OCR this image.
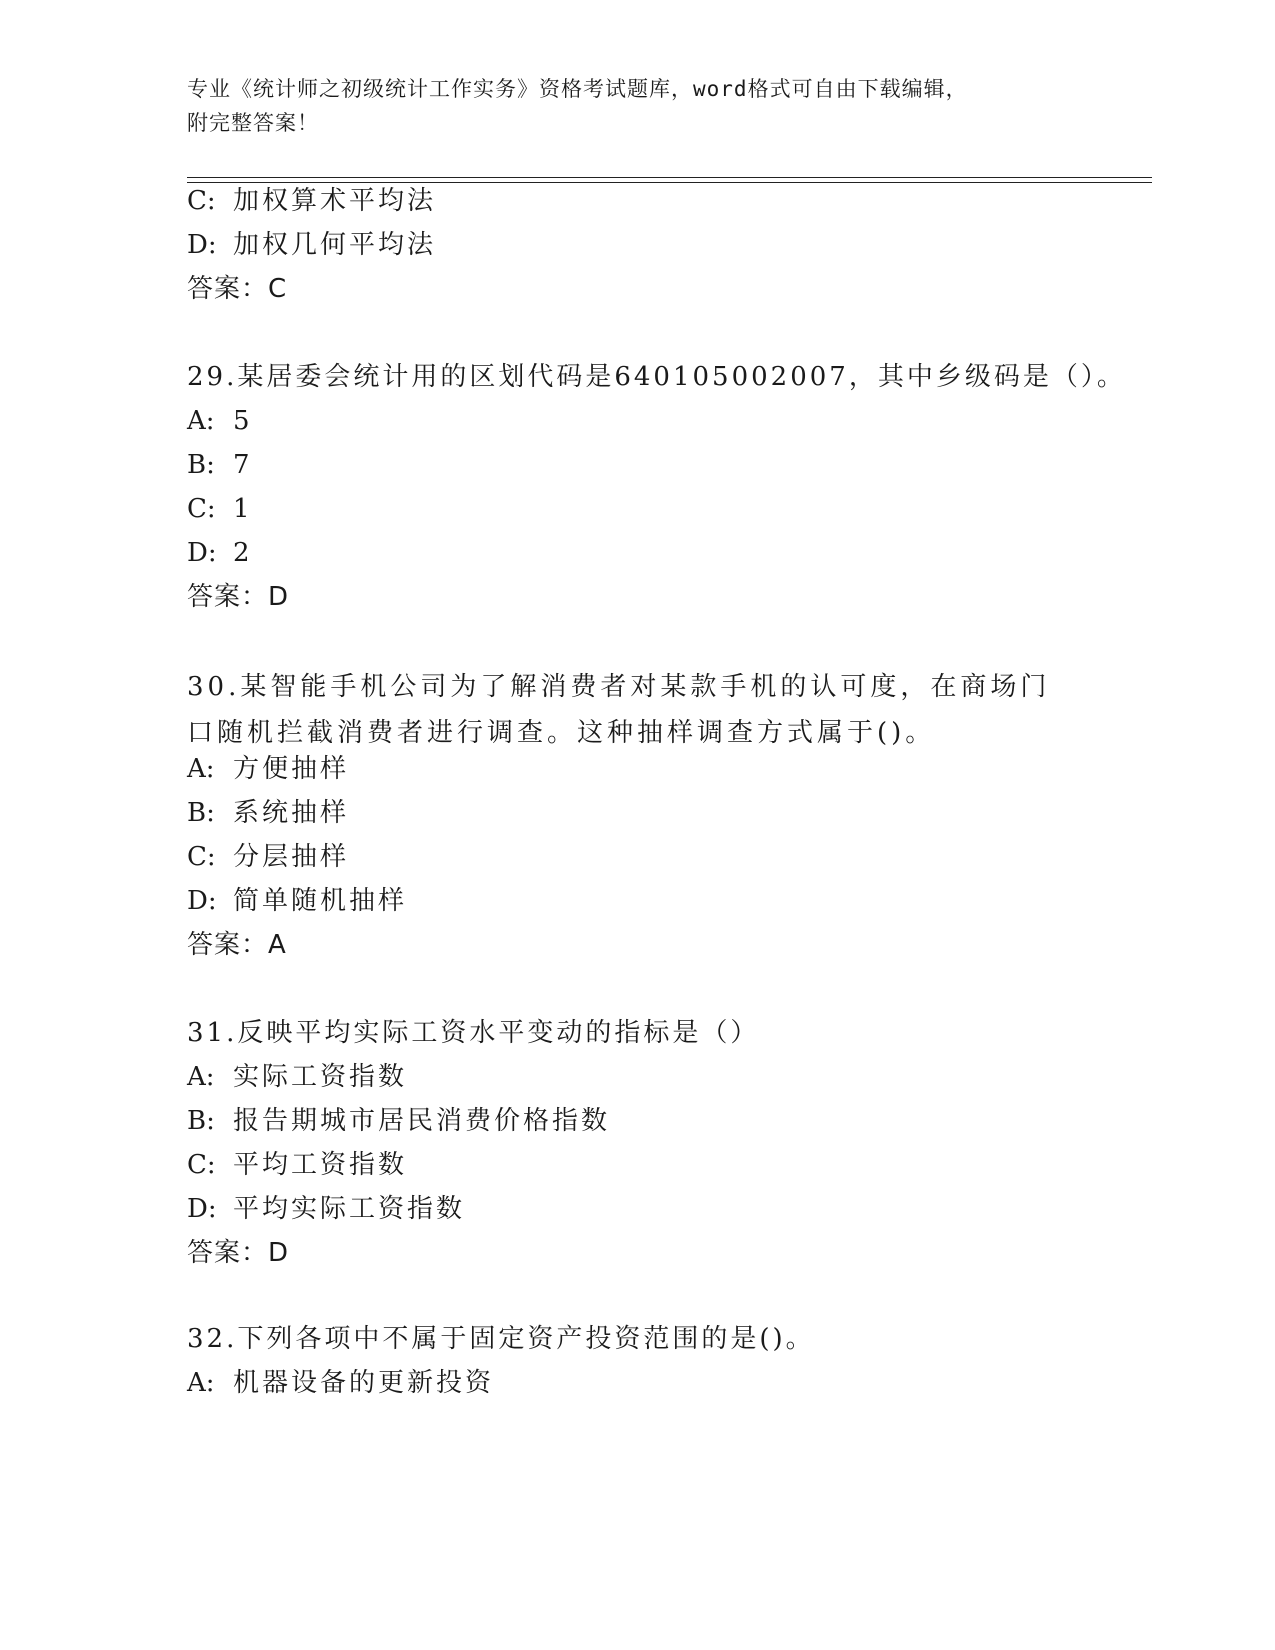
专业《统计师之初级统计工作实务》资格考试题库，word格式可自由下载编辑，
附完整答案！
C: 加权算术平均法
D: 加权几何平均法
答案：C
29.某居委会统计用的区划代码是640105002007，其中乡级码是（）。
A: 5
B: 7
C: 1
D: 2
答案：D
30.某智能手机公司为了解消费者对某款手机的认可度，在商场门口随机拦截消费者进行调查。这种抽样调查方式属于()。
A: 方便抽样
B: 系统抽样
C: 分层抽样
D: 简单随机抽样
答案：A
31.反映平均实际工资水平变动的指标是（）
A: 实际工资指数
B: 报告期城市居民消费价格指数
C: 平均工资指数
D: 平均实际工资指数
答案：D
32.下列各项中不属于固定资产投资范围的是()。
A: 机器设备的更新投资
